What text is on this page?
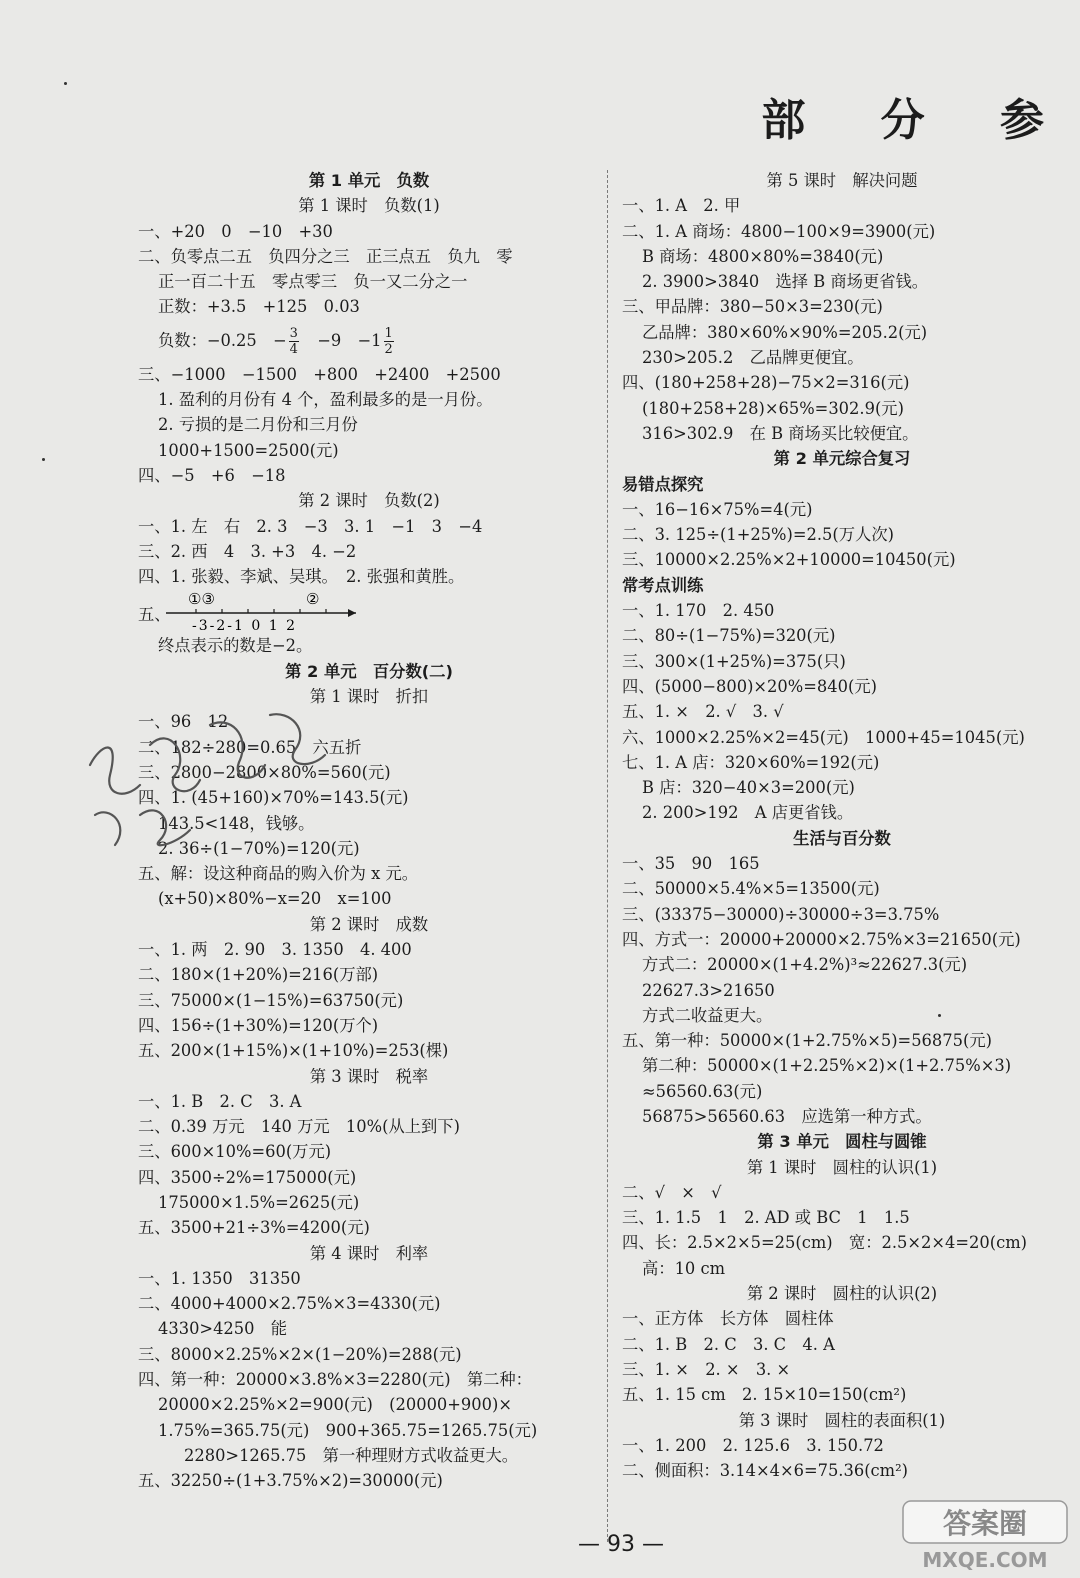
部 分 参
第 1 单元　负数
第 1 课时　负数(1)
一、+20　0　−10　+30
二、负零点二五　负四分之三　正三点五　负九　零
正一百二十五　零点零三　负一又二分之一
正数：+3.5　+125　0.03
负数：−0.25　− $\frac{3}{4}$ 　−9　$-1 \frac{1}{2}$
三、−1000　−1500　+800　+2400　+2500
1. 盈利的月份有 4 个，盈利最多的是一月份。
2. 亏损的是二月份和三月份
1000+1500=2500(元)
四、−5　+6　−18
第 2 课时　负数(2)
一、1. 左　右　2. 3　−3　3. 1　−1　3　−4
三、2. 西　4　3. +3　4. −2
四、1. 张毅、李斌、吴琪。　2. 张强和黄胜。
五、
-3-2-1 0 1 2
①③	②
终点表示的数是−2。
第 2 单元　百分数(二)
第 1 课时　折扣
一、96　12
二、182÷280=0.65　六五折
三、2800−2800×80%=560(元)
四、1. (45+160)×70%=143.5(元)
143.5<148，钱够。
2. 36÷(1−70%)=120(元)
五、解：设这种商品的购入价为 x 元。
(x+50)×80%−x=20　x=100
第 2 课时　成数
一、1. 两　2. 90　3. 1350　4. 400
二、180×(1+20%)=216(万部)
三、75000×(1−15%)=63750(元)
四、156÷(1+30%)=120(万个)
五、200×(1+15%)×(1+10%)=253(棵)
第 3 课时　税率
一、1. B　2. C　3. A
二、0.39 万元　140 万元　10%(从上到下)
三、600×10%=60(万元)
四、3500÷2%=175000(元)
175000×1.5%=2625(元)
五、3500+21÷3%=4200(元)
第 4 课时　利率
一、1. 1350　31350
二、4000+4000×2.75%×3=4330(元)
4330>4250　能
三、8000×2.25%×2×(1−20%)=288(元)
四、第一种：20000×3.8%×3=2280(元)　第二种：
20000×2.25%×2=900(元)　(20000+900)×
1.75%=365.75(元)　900+365.75=1265.75(元)
2280>1265.75　第一种理财方式收益更大。
五、32250÷(1+3.75%×2)=30000(元)
第 5 课时　解决问题
一、1. A　2. 甲
二、1. A 商场：4800−100×9=3900(元)
B 商场：4800×80%=3840(元)
2. 3900>3840　选择 B 商场更省钱。
三、甲品牌：380−50×3=230(元)
乙品牌：380×60%×90%=205.2(元)
230>205.2　乙品牌更便宜。
四、(180+258+28)−75×2=316(元)
(180+258+28)×65%=302.9(元)
316>302.9　在 B 商场买比较便宜。
第 2 单元综合复习
易错点探究
一、16−16×75%=4(元)
二、3. 125÷(1+25%)=2.5(万人次)
三、10000×2.25%×2+10000=10450(元)
常考点训练
一、1. 170　2. 450
二、80÷(1−75%)=320(元)
三、300×(1+25%)=375(只)
四、(5000−800)×20%=840(元)
五、1. ×　2. √　3. √
六、1000×2.25%×2=45(元)　1000+45=1045(元)
七、1. A 店：320×60%=192(元)
B 店：320−40×3=200(元)
2. 200>192　A 店更省钱。
生活与百分数
一、35　90　165
二、50000×5.4%×5=13500(元)
三、(33375−30000)÷30000÷3=3.75%
四、方式一：20000+20000×2.75%×3=21650(元)
方式二：20000×(1+4.2%)³≈22627.3(元)
22627.3>21650
方式二收益更大。
五、第一种：50000×(1+2.75%×5)=56875(元)
第二种：50000×(1+2.25%×2)×(1+2.75%×3)
≈56560.63(元)
56875>56560.63　应选第一种方式。
第 3 单元　圆柱与圆锥
第 1 课时　圆柱的认识(1)
二、√　×　√
三、1. 1.5　1　2. AD 或 BC　1　1.5
四、长：2.5×2×5=25(cm)　宽：2.5×2×4=20(cm)
高：10 cm
第 2 课时　圆柱的认识(2)
一、正方体　长方体　圆柱体
二、1. B　2. C　3. C　4. A
三、1. ×　2. ×　3. ×
五、1. 15 cm　2. 15×10=150(cm²)
第 3 课时　圆柱的表面积(1)
一、1. 200　2. 125.6　3. 150.72
二、侧面积：3.14×4×6=75.36(cm²)
— 93 —
答案圈
MXQE.COM
